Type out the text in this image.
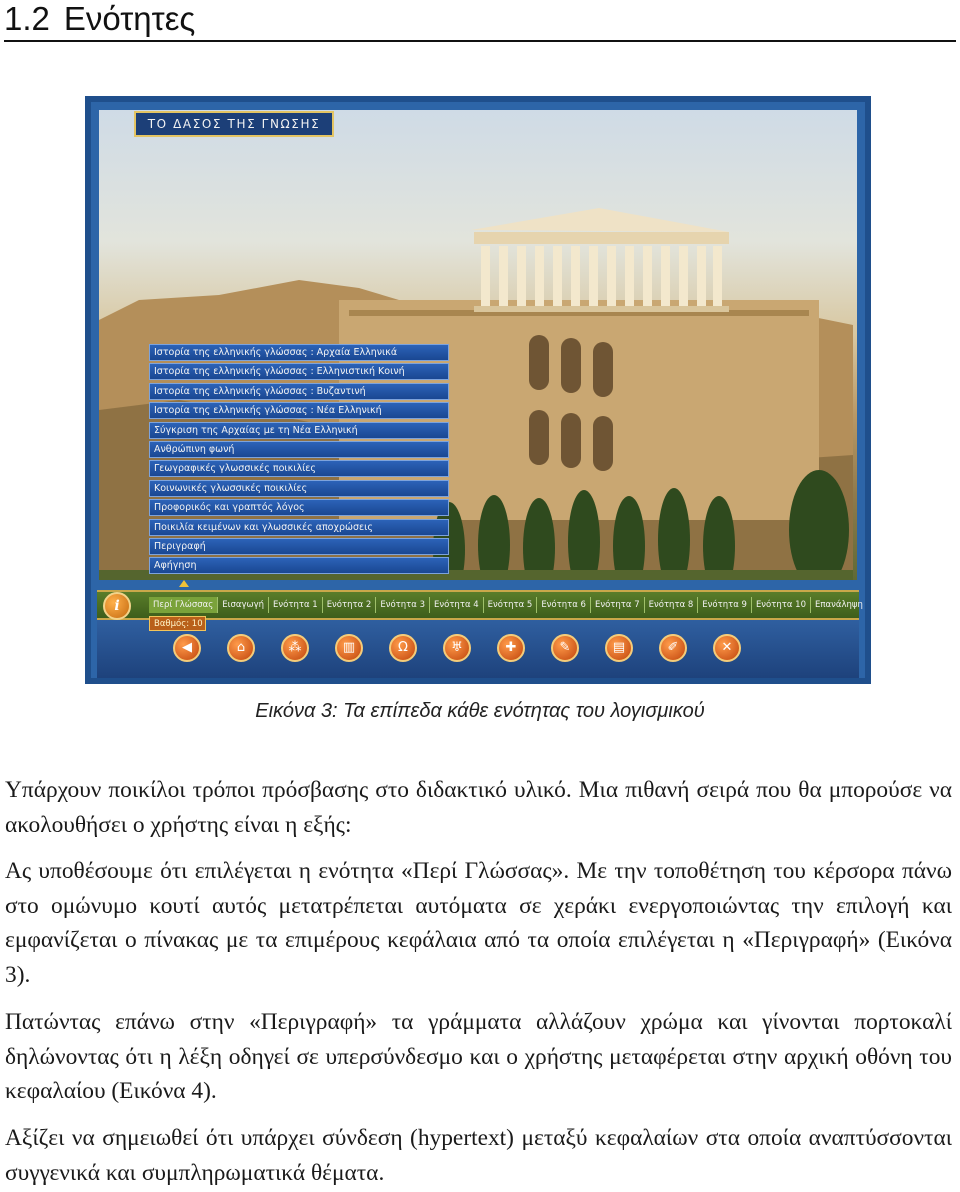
1.2 Ενότητες
ΤΟ ΔΑΣΟΣ ΤΗΣ ΓΝΩΣΗΣ
Ιστορία της ελληνικής γλώσσας : Αρχαία Ελληνικά
Ιστορία της ελληνικής γλώσσας : Ελληνιστική Κοινή
Ιστορία της ελληνικής γλώσσας : Βυζαντινή
Ιστορία της ελληνικής γλώσσας : Νέα Ελληνική
Σύγκριση της Αρχαίας με τη Νέα Ελληνική
Ανθρώπινη φωνή
Γεωγραφικές γλωσσικές ποικιλίες
Κοινωνικές γλωσσικές ποικιλίες
Προφορικός και γραπτός λόγος
Ποικιλία κειμένων και γλωσσικές αποχρώσεις
Περιγραφή
Αφήγηση
i	Περί Γλώσσας	Εισαγωγή	Ενότητα 1	Ενότητα 2	Ενότητα 3	Ενότητα 4	Ενότητα 5	Ενότητα 6	Ενότητα 7	Ενότητα 8	Ενότητα 9	Ενότητα 10	Επανάληψη
Βαθμός: 10
◀	⌂	⁂	▥	Ω	♅	✚	✎	▤	✐	✕
Εικόνα 3: Τα επίπεδα κάθε ενότητας του λογισμικού

Υπάρχουν ποικίλοι τρόποι πρόσβασης στο διδακτικό υλικό. Μια πιθανή σειρά που θα μπορούσε να ακολουθήσει ο χρήστης είναι η εξής:

Ας υποθέσουμε ότι επιλέγεται η ενότητα «Περί Γλώσσας». Με την τοποθέτηση του κέρσορα πάνω στο ομώνυμο κουτί αυτός μετατρέπεται αυτόματα σε χεράκι ενεργοποιώντας την επιλογή και εμφανίζεται ο πίνακας με τα επιμέρους κεφάλαια από τα οποία επιλέγεται η «Περιγραφή» (Εικόνα 3).

Πατώντας επάνω στην «Περιγραφή» τα γράμματα αλλάζουν χρώμα και γίνονται πορτοκαλί δηλώνοντας ότι η λέξη οδηγεί σε υπερσύνδεσμο και ο χρήστης μεταφέρεται στην αρχική οθόνη του κεφαλαίου (Εικόνα 4).

Αξίζει να σημειωθεί ότι υπάρχει σύνδεση (hypertext) μεταξύ κεφαλαίων στα οποία αναπτύσσονται συγγενικά και συμπληρωματικά θέματα.
